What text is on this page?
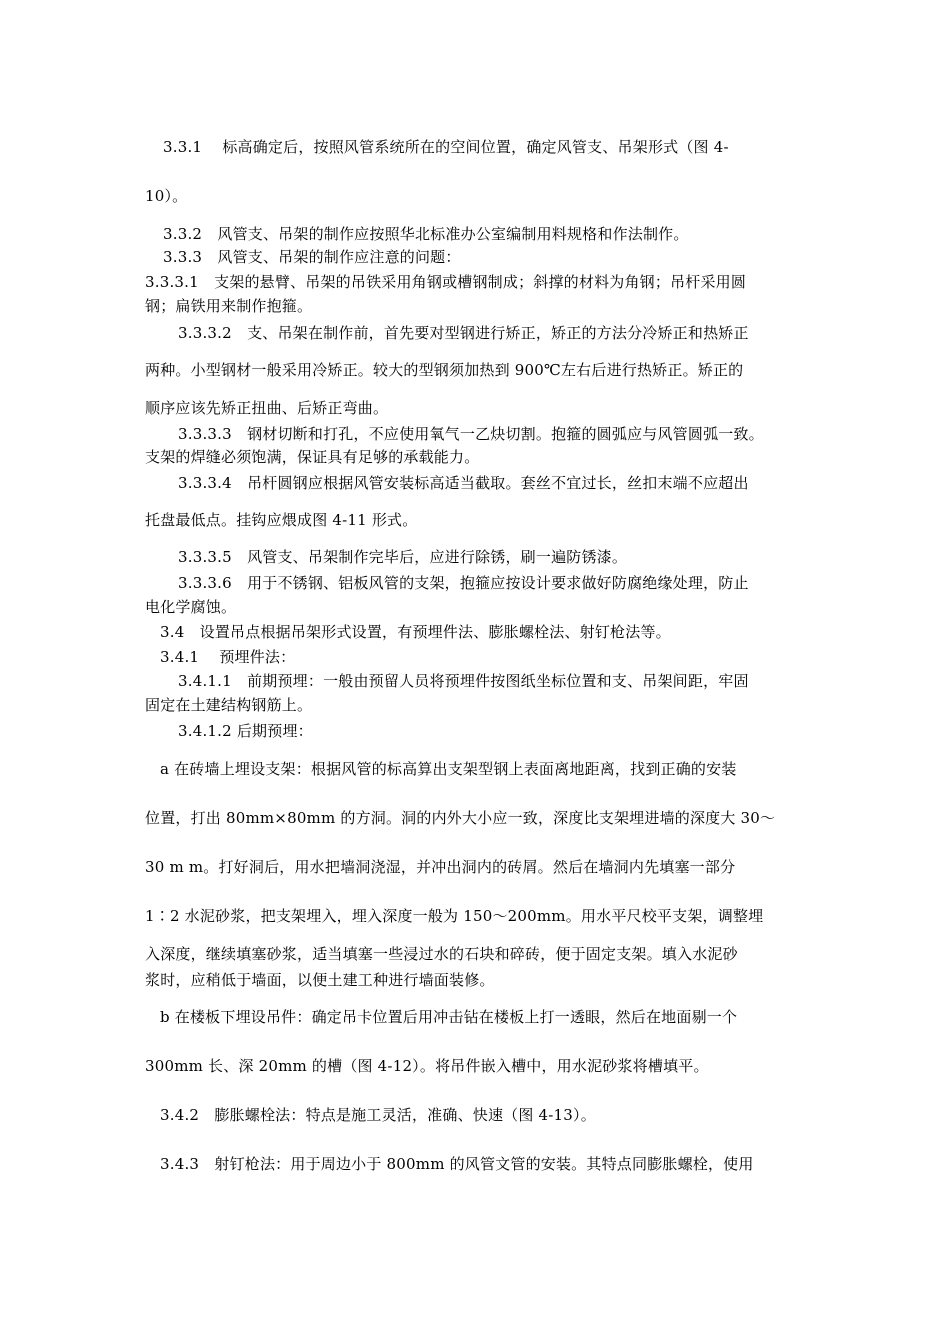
3.3.1　 标高确定后，按照风管系统所在的空间位置，确定风管支、吊架形式（图 4-
10）。
3.3.2　风管支、吊架的制作应按照华北标准办公室编制用料规格和作法制作。
3.3.3　风管支、吊架的制作应注意的问题：
3.3.3.1　支架的悬臂、吊架的吊铁采用角钢或槽钢制成；斜撑的材料为角钢；吊杆采用圆
钢；扁铁用来制作抱箍。
3.3.3.2　支、吊架在制作前，首先要对型钢进行矫正，矫正的方法分冷矫正和热矫正
两种。小型钢材一般采用冷矫正。较大的型钢须加热到 900℃左右后进行热矫正。矫正的
顺序应该先矫正扭曲、后矫正弯曲。
3.3.3.3　钢材切断和打孔，不应使用氧气一乙炔切割。抱箍的圆弧应与风管圆弧一致。
支架的焊缝必须饱满，保证具有足够的承载能力。
3.3.3.4　吊杆圆钢应根据风管安装标高适当截取。套丝不宜过长，丝扣末端不应超出
托盘最低点。挂钩应煨成图 4-11 形式。
3.3.3.5　风管支、吊架制作完毕后，应进行除锈，刷一遍防锈漆。
3.3.3.6　用于不锈钢、铝板风管的支架，抱箍应按设计要求做好防腐绝缘处理，防止
电化学腐蚀。
3.4　设置吊点根据吊架形式设置，有预埋件法、膨胀螺栓法、射钉枪法等。
3.4.1　 预埋件法：
3.4.1.1　前期预埋：一般由预留人员将预埋件按图纸坐标位置和支、吊架间距，牢固
固定在土建结构钢筋上。
3.4.1.2 后期预埋：
a 在砖墙上埋设支架：根据风管的标高算出支架型钢上表面离地距离，找到正确的安装
位置，打出 80mm×80mm 的方洞。洞的内外大小应一致，深度比支架埋进墙的深度大 30～
30 m m。打好洞后，用水把墙洞浇湿，并冲出洞内的砖屑。然后在墙洞内先填塞一部分
1∶2 水泥砂浆，把支架埋入，埋入深度一般为 150～200mm。用水平尺校平支架，调整埋
入深度，继续填塞砂浆，适当填塞一些浸过水的石块和碎砖，便于固定支架。填入水泥砂
浆时，应稍低于墙面，以便土建工种进行墙面装修。
b 在楼板下埋设吊件：确定吊卡位置后用冲击钻在楼板上打一透眼，然后在地面剔一个
300mm 长、深 20mm 的槽（图 4-12）。将吊件嵌入槽中，用水泥砂浆将槽填平。
3.4.2　膨胀螺栓法：特点是施工灵活，准确、快速（图 4-13）。
3.4.3　射钉枪法：用于周边小于 800mm 的风管文管的安装。其特点同膨胀螺栓，使用
